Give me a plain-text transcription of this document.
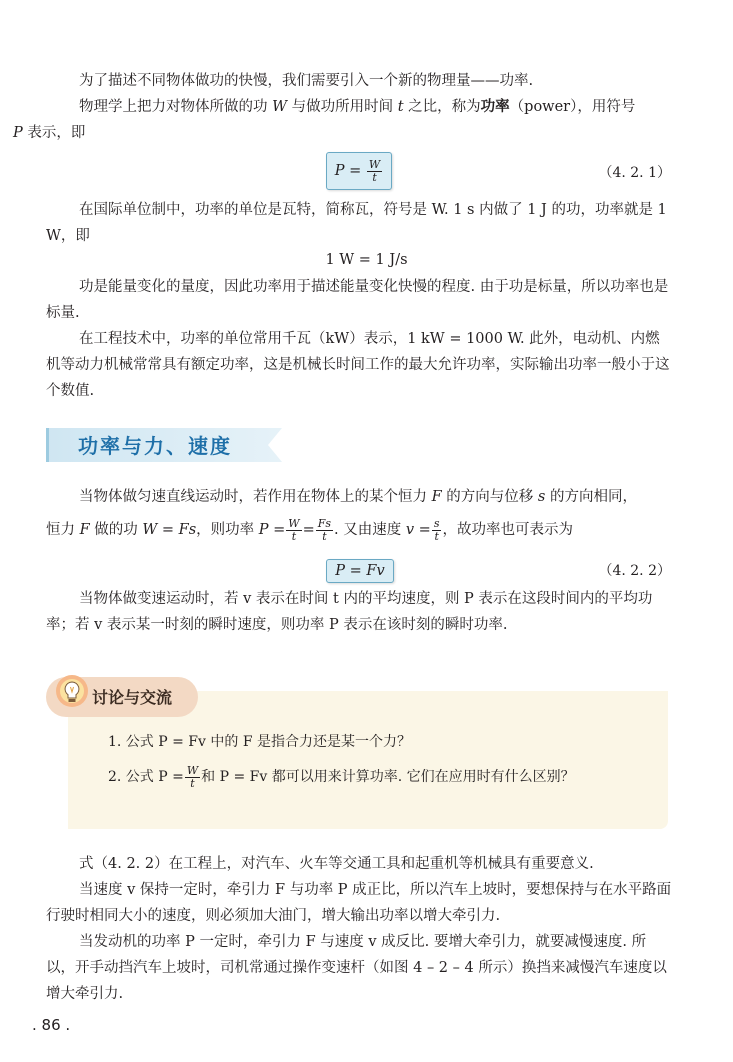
为了描述不同物体做功的快慢，我们需要引入一个新的物理量——功率.

物理学上把力对物体所做的功 W 与做功所用时间 t 之比，称为功率（power），用符号
P 表示，即

$P = \frac{W}{t}$	（4. 2. 1）

在国际单位制中，功率的单位是瓦特，简称瓦，符号是 W. 1 s 内做了 1 J 的功，功率就是 1 W，即

1 W = 1 J/s

功是能量变化的量度，因此功率用于描述能量变化快慢的程度. 由于功是标量，所以功率也是标量.

在工程技术中，功率的单位常用千瓦（kW）表示，1 kW = 1000 W. 此外，电动机、内燃机等动力机械常常具有额定功率，这是机械长时间工作的最大允许功率，实际输出功率一般小于这个数值.

功率与力、速度

当物体做匀速直线运动时，若作用在物体上的某个恒力 F 的方向与位移 s 的方向相同，

恒力 F 做的功 W = Fs，则功率 $P = \frac{W}{t} = \frac{Fs}{t}$ . 又由速度 $v = \frac{s}{t}$ ，故功率也可表示为

P = Fv	（4. 2. 2）

当物体做变速运动时，若 v 表示在时间 t 内的平均速度，则 P 表示在这段时间内的平均功率；若 v 表示某一时刻的瞬时速度，则功率 P 表示在该时刻的瞬时功率.

讨论与交流
1. 公式 P = Fv 中的 F 是指合力还是某一个力？
2. 公式 $P = \frac{W}{t}$ 和 P = Fv 都可以用来计算功率. 它们在应用时有什么区别？

式（4. 2. 2）在工程上，对汽车、火车等交通工具和起重机等机械具有重要意义.

当速度 v 保持一定时，牵引力 F 与功率 P 成正比，所以汽车上坡时，要想保持与在水平路面行驶时相同大小的速度，则必须加大油门，增大输出功率以增大牵引力.

当发动机的功率 P 一定时，牵引力 F 与速度 v 成反比. 要增大牵引力，就要减慢速度. 所以，开手动挡汽车上坡时，司机常通过操作变速杆（如图 4 – 2 – 4 所示）换挡来减慢汽车速度以增大牵引力.

. 86 .
